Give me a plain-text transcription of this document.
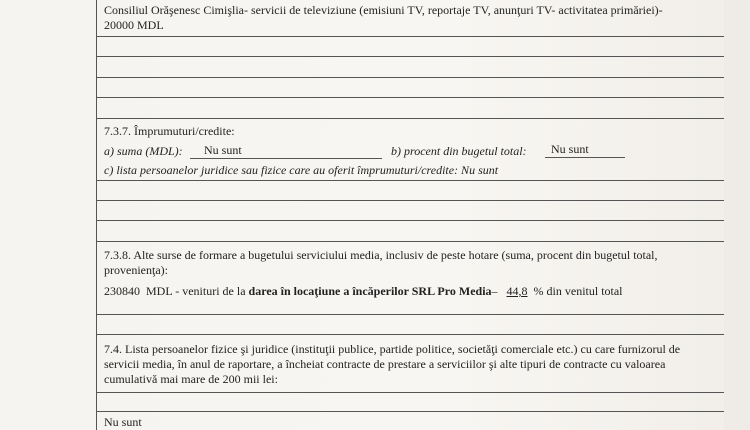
Consiliul Orăşenesc Cimişlia- servicii de televiziune (emisiuni TV, reportaje TV, anunţuri TV- activitatea primăriei)-
20000 MDL
7.3.7. Împrumuturi/credite:
a) suma (MDL): Nu sunt	b) procent din bugetul total: Nu sunt
c) lista persoanelor juridice sau fizice care au oferit împrumuturi/credite: Nu sunt
7.3.8. Alte surse de formare a bugetului serviciului media, inclusiv de peste hotare (suma, procent din bugetul total,
provenienţa):
230840 MDL - venituri de la darea în locaţiune a încăperilor SRL Pro Media– 44,8 % din venitul total
7.4. Lista persoanelor fizice şi juridice (instituţii publice, partide politice, societăţi comerciale etc.) cu care furnizorul de
servicii media, în anul de raportare, a încheiat contracte de prestare a serviciilor şi alte tipuri de contracte cu valoarea
cumulativă mai mare de 200 mii lei:
Nu sunt
